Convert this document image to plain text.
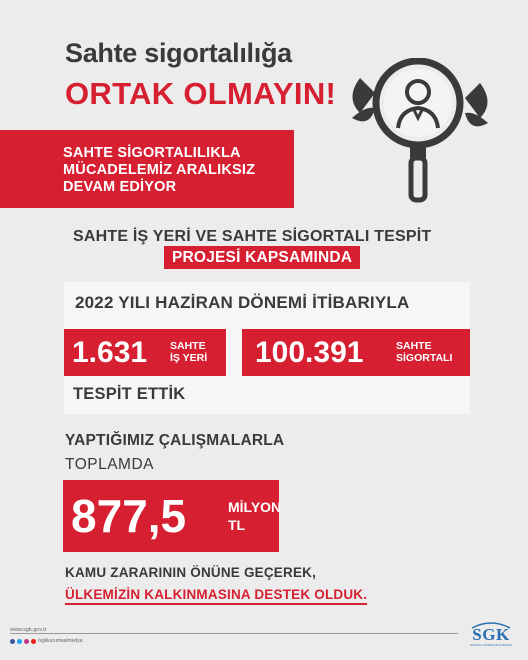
Sahte sigortalılığa
ORTAK OLMAYIN!
SAHTE SİGORTALILIKLA
MÜCADELEMİZ ARALIKSIZ
DEVAM EDİYOR
SAHTE İŞ YERİ VE SAHTE SİGORTALI TESPİT
PROJESİ KAPSAMINDA
2022 YILI HAZİRAN DÖNEMİ İTİBARIYLA
1.631 SAHTE
İŞ YERİ 100.391	SAHTE
SİGORTALI
TESPİT ETTİK
YAPTIĞIMIZ ÇALIŞMALARLA
TOPLAMDA
877,5	MİLYON
TL
KAMU ZARARININ ÖNÜNE GEÇEREK,
ÜLKEMİZİN KALKINMASINA DESTEK OLDUK.
www.sgk.gov.tr
/sgkkurumsalmedya	SGK
SOSYAL GÜVENLİK KURUMU
